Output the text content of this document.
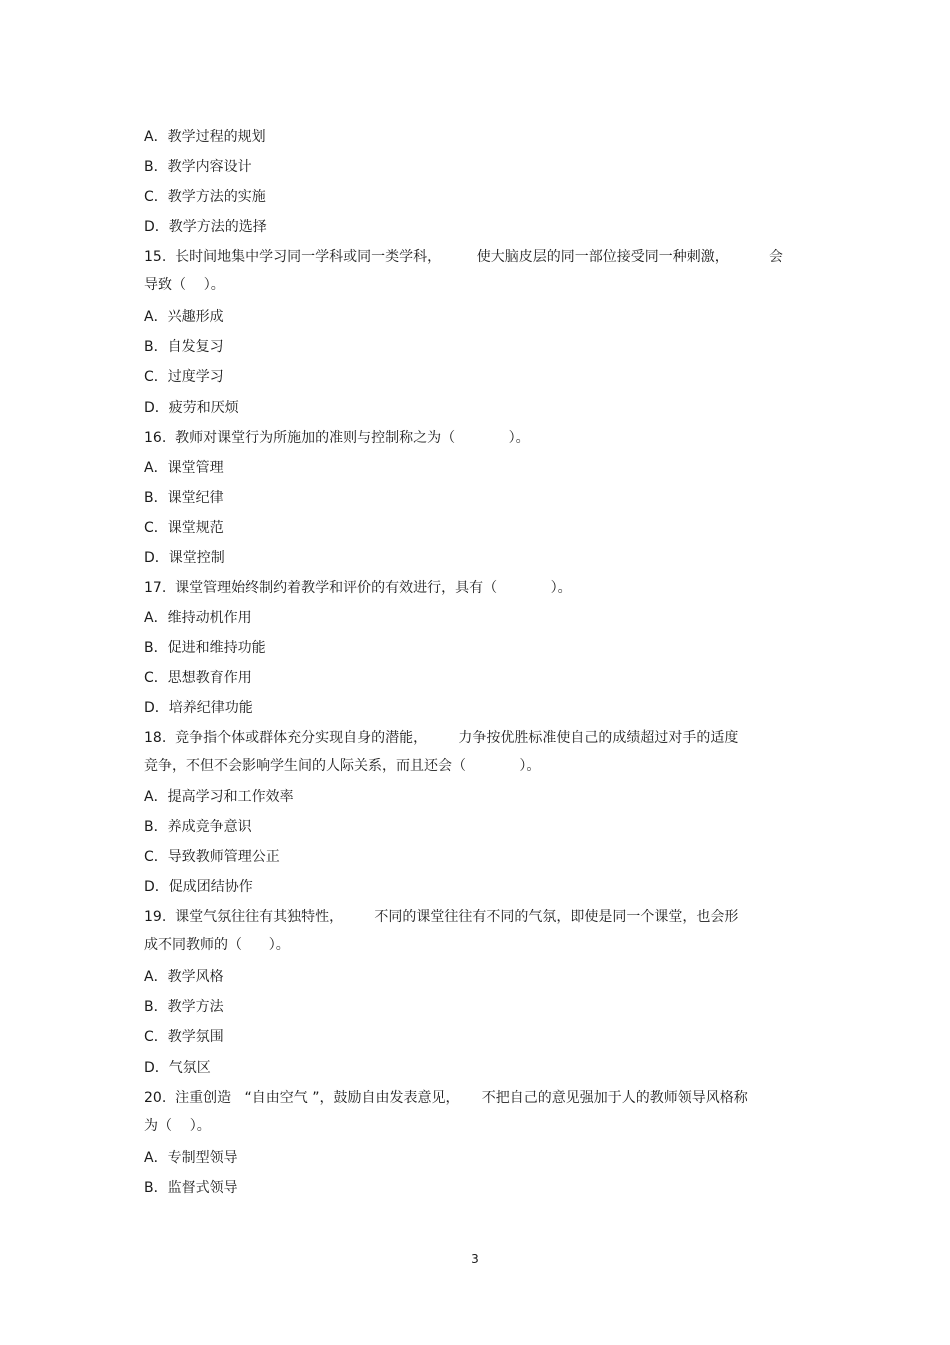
A．教学过程的规划
B．教学内容设计
C．教学方法的实施
D．教学方法的选择
15.  长时间地集中学习同一学科或同一类学科，        使大脑皮层的同一部位接受同一种刺激，         会
导致（    ）。
A．兴趣形成
B．自发复习
C．过度学习
D．疲劳和厌烦
16.  教师对课堂行为所施加的准则与控制称之为（            ）。
A．课堂管理
B．课堂纪律
C．课堂规范
D．课堂控制
17.  课堂管理始终制约着教学和评价的有效进行，具有（            ）。
A．维持动机作用
B．促进和维持功能
C．思想教育作用
D．培养纪律功能
18.  竞争指个体或群体充分实现自身的潜能，       力争按优胜标准使自己的成绩超过对手的适度
竞争，不但不会影响学生间的人际关系，而且还会（            ）。
A．提高学习和工作效率
B．养成竞争意识
C．导致教师管理公正
D．促成团结协作
19.  课堂气氛往往有其独特性，       不同的课堂往往有不同的气氛，即使是同一个课堂，也会形
成不同教师的（      ）。
A．教学风格
B．教学方法
C．教学氛围
D．气氛区
20.  注重创造   “自由空气 ”，鼓励自由发表意见，     不把自己的意见强加于人的教师领导风格称
为（    ）。
A．专制型领导
B．监督式领导
3
